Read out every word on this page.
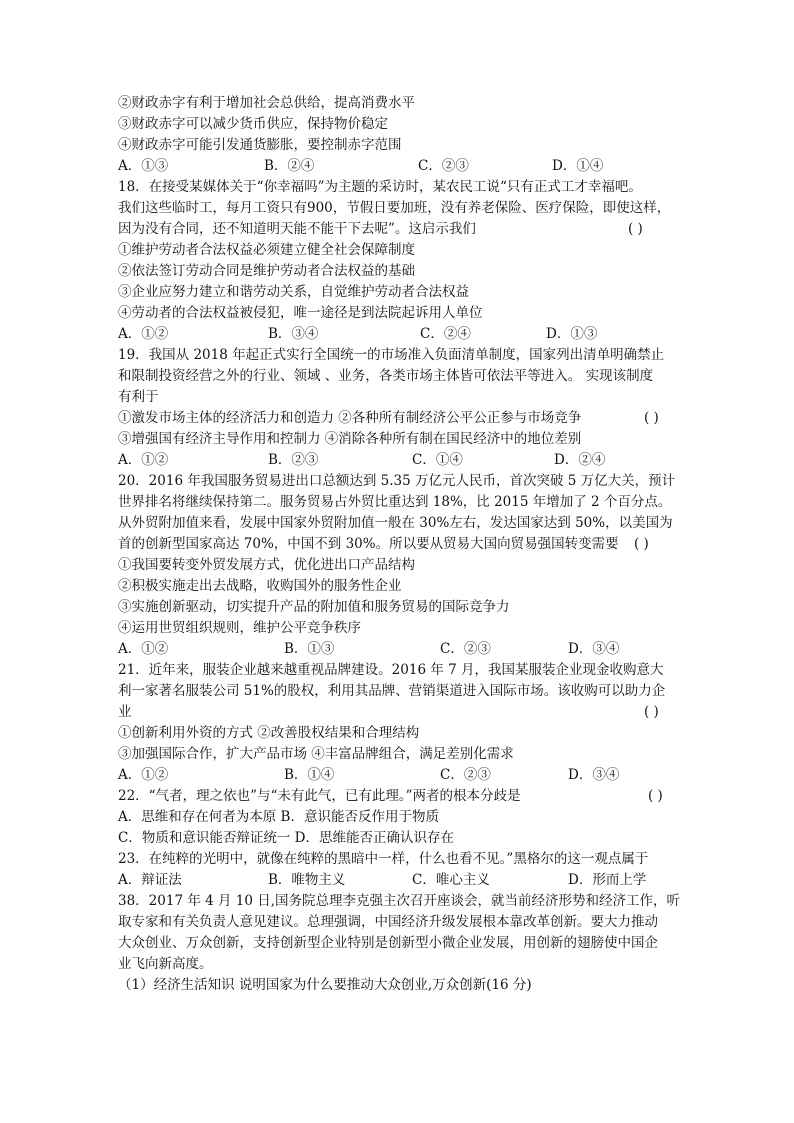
②财政赤字有利于增加社会总供给，提高消费水平
③财政赤字可以减少货币供应，保持物价稳定
④财政赤字可能引发通货膨胀，要控制赤字范围
A．①③	B．②④	C．②③	D．①④
18．在接受某媒体关于“你幸福吗”为主题的采访时，某农民工说“只有正式工才幸福吧。
我们这些临时工，每月工资只有900，节假日要加班，没有养老保险、医疗保险，即使这样，
因为没有合同，还不知道明天能不能干下去呢”。这启示我们	( )
①维护劳动者合法权益必须建立健全社会保障制度
②依法签订劳动合同是维护劳动者合法权益的基础
③企业应努力建立和谐劳动关系，自觉维护劳动者合法权益
④劳动者的合法权益被侵犯，唯一途径是到法院起诉用人单位
A．①②	B．③④	C．②④	D．①③
19．我国从 2018 年起正式实行全国统一的市场准入负面清单制度，国家列出清单明确禁止
和限制投资经营之外的行业、领域 、业务，各类市场主体皆可依法平等进入。 实现该制度
有利于
①激发市场主体的经济活力和创造力 ②各种所有制经济公平公正参与市场竞争	( )
③增强国有经济主导作用和控制力 ④消除各种所有制在国民经济中的地位差别
A．①②	B．②③	C．①④	D．②④
20．2016 年我国服务贸易进出口总额达到 5.35 万亿元人民币，首次突破 5 万亿大关，预计
世界排名将继续保持第二。服务贸易占外贸比重达到 18%，比 2015 年增加了 2 个百分点。
从外贸附加值来看，发展中国家外贸附加值一般在 30%左右，发达国家达到 50%，以美国为
首的创新型国家高达 70%，中国不到 30%。所以要从贸易大国向贸易强国转变需要 ( )
①我国要转变外贸发展方式，优化进出口产品结构
②积极实施走出去战略，收购国外的服务性企业
③实施创新驱动，切实提升产品的附加值和服务贸易的国际竞争力
④运用世贸组织规则，维护公平竞争秩序
A．①②	B．①③	C．②③	D．③④
21．近年来，服装企业越来越重视品牌建设。2016 年 7 月，我国某服装企业现金收购意大
利一家著名服装公司 51%的股权，利用其品牌、营销渠道进入国际市场。该收购可以助力企
业	( )
①创新利用外资的方式 ②改善股权结果和合理结构
③加强国际合作，扩大产品市场 ④丰富品牌组合，满足差别化需求
A．①②	B．①④	C．②③	D．③④
22．“气者，理之依也”与“未有此气，已有此理。”两者的根本分歧是	( )
A．思维和存在何者为本原 B．意识能否反作用于物质
C．物质和意识能否辩证统一 D．思维能否正确认识存在
23．在纯粹的光明中，就像在纯粹的黑暗中一样，什么也看不见。”黑格尔的这一观点属于
A．辩证法	B．唯物主义	C．唯心主义	D．形而上学
38．2017 年 4 月 10 日,国务院总理李克强主次召开座谈会，就当前经济形势和经济工作，听
取专家和有关负责人意见建议。总理强调，中国经济升级发展根本靠改革创新。要大力推动
大众创业、万众创新，支持创新型企业特别是创新型小微企业发展，用创新的翅膀使中国企
业飞向新高度。
（1）经济生活知识 说明国家为什么要推动大众创业,万众创新(16 分)
